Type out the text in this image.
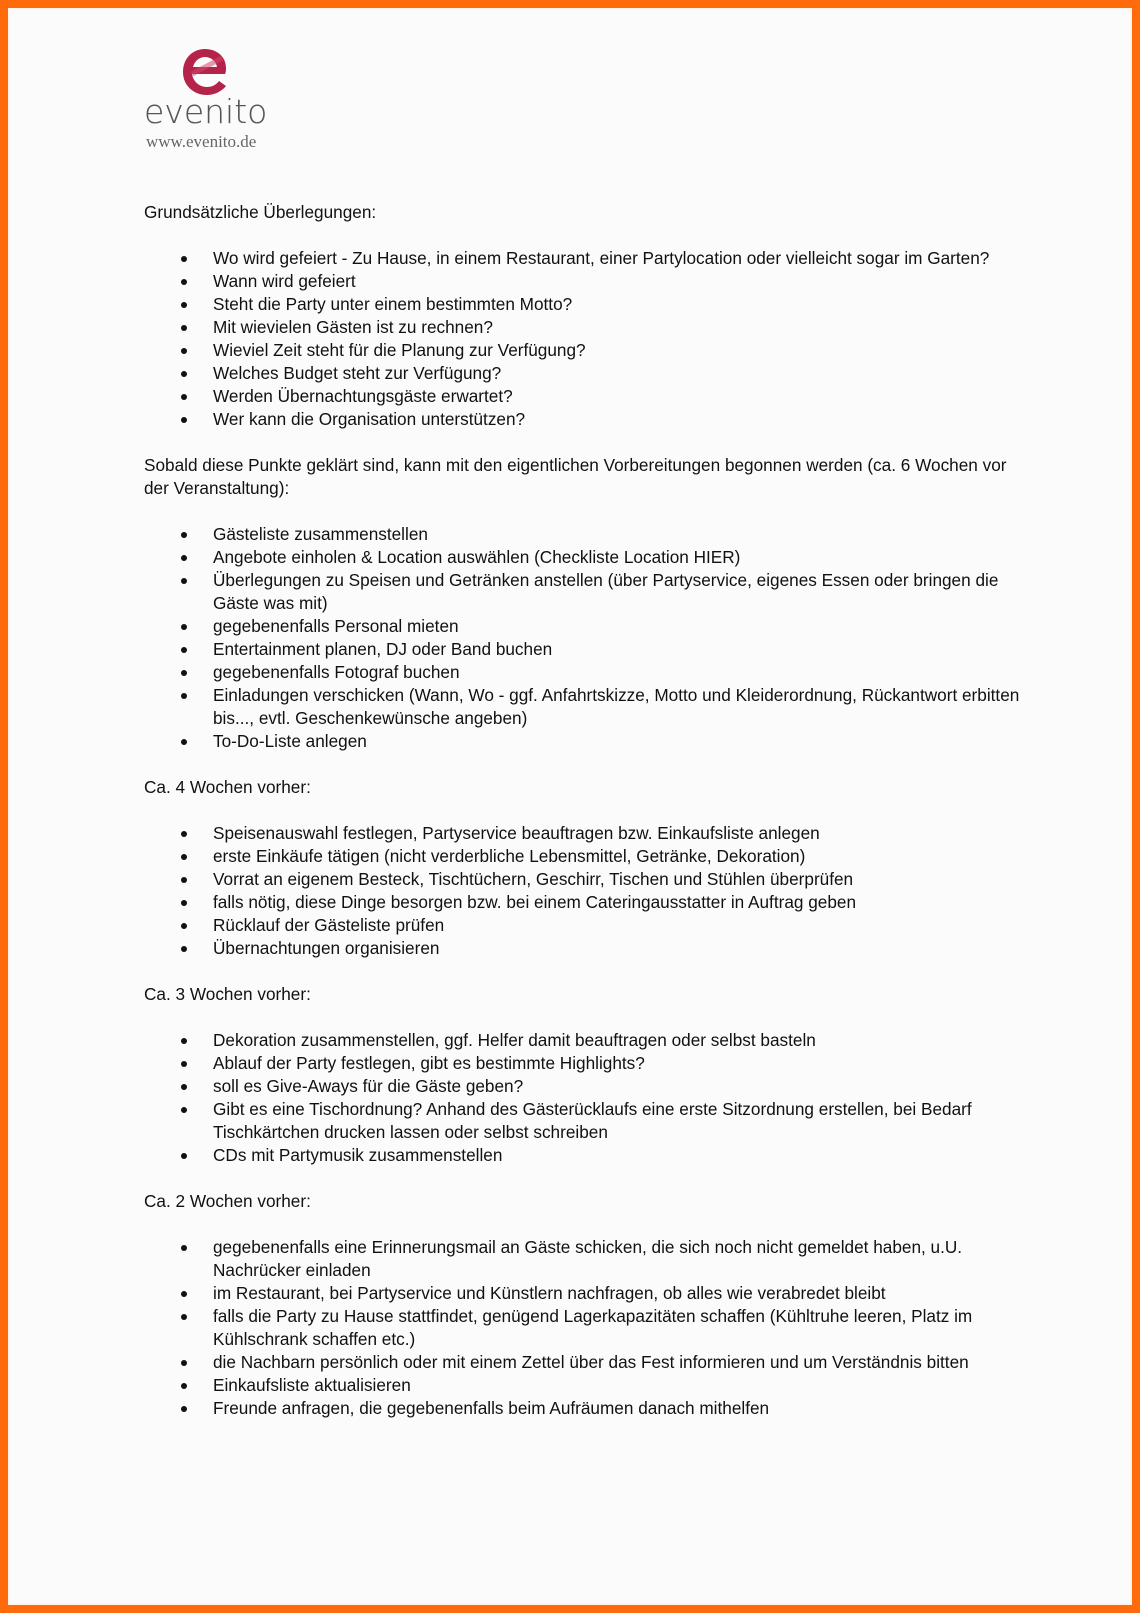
evenito
www.evenito.de

Grundsätzliche Überlegungen:

Wo wird gefeiert - Zu Hause, in einem Restaurant, einer Partylocation oder vielleicht sogar im Garten?
Wann wird gefeiert
Steht die Party unter einem bestimmten Motto?
Mit wievielen Gästen ist zu rechnen?
Wieviel Zeit steht für die Planung zur Verfügung?
Welches Budget steht zur Verfügung?
Werden Übernachtungsgäste erwartet?
Wer kann die Organisation unterstützen?

Sobald diese Punkte geklärt sind, kann mit den eigentlichen Vorbereitungen begonnen werden (ca. 6 Wochen vor der Veranstaltung):

Gästeliste zusammenstellen
Angebote einholen & Location auswählen (Checkliste Location HIER)
Überlegungen zu Speisen und Getränken anstellen (über Partyservice, eigenes Essen oder bringen die Gäste was mit)
gegebenenfalls Personal mieten
Entertainment planen, DJ oder Band buchen
gegebenenfalls Fotograf buchen
Einladungen verschicken (Wann, Wo - ggf. Anfahrtskizze, Motto und Kleiderordnung, Rückantwort erbitten bis..., evtl. Geschenkewünsche angeben)
To-Do-Liste anlegen

Ca. 4 Wochen vorher:

Speisenauswahl festlegen, Partyservice beauftragen bzw. Einkaufsliste anlegen
erste Einkäufe tätigen (nicht verderbliche Lebensmittel, Getränke, Dekoration)
Vorrat an eigenem Besteck, Tischtüchern, Geschirr, Tischen und Stühlen überprüfen
falls nötig, diese Dinge besorgen bzw. bei einem Cateringausstatter in Auftrag geben
Rücklauf der Gästeliste prüfen
Übernachtungen organisieren

Ca. 3 Wochen vorher:

Dekoration zusammenstellen, ggf. Helfer damit beauftragen oder selbst basteln
Ablauf der Party festlegen, gibt es bestimmte Highlights?
soll es Give-Aways für die Gäste geben?
Gibt es eine Tischordnung? Anhand des Gästerücklaufs eine erste Sitzordnung erstellen, bei Bedarf Tischkärtchen drucken lassen oder selbst schreiben
CDs mit Partymusik zusammenstellen

Ca. 2 Wochen vorher:

gegebenenfalls eine Erinnerungsmail an Gäste schicken, die sich noch nicht gemeldet haben, u.U. Nachrücker einladen
im Restaurant, bei Partyservice und Künstlern nachfragen, ob alles wie verabredet bleibt
falls die Party zu Hause stattfindet, genügend Lagerkapazitäten schaffen (Kühltruhe leeren, Platz im Kühlschrank schaffen etc.)
die Nachbarn persönlich oder mit einem Zettel über das Fest informieren und um Verständnis bitten
Einkaufsliste aktualisieren
Freunde anfragen, die gegebenenfalls beim Aufräumen danach mithelfen
